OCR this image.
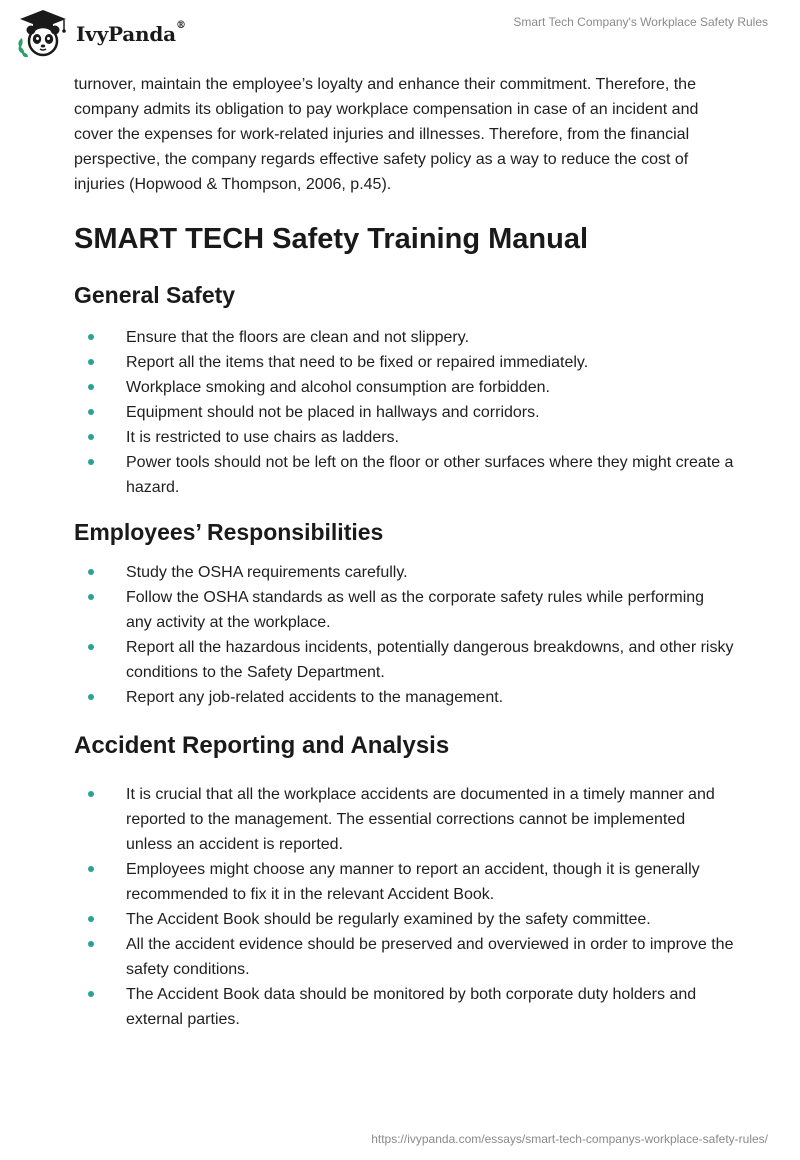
IvyPanda®	Smart Tech Company's Workplace Safety Rules

turnover, maintain the employee’s loyalty and enhance their commitment. Therefore, the company admits its obligation to pay workplace compensation in case of an incident and cover the expenses for work-related injuries and illnesses. Therefore, from the financial perspective, the company regards effective safety policy as a way to reduce the cost of injuries (Hopwood & Thompson, 2006, p.45).

SMART TECH Safety Training Manual
General Safety
Ensure that the floors are clean and not slippery.
Report all the items that need to be fixed or repaired immediately.
Workplace smoking and alcohol consumption are forbidden.
Equipment should not be placed in hallways and corridors.
It is restricted to use chairs as ladders.
Power tools should not be left on the floor or other surfaces where they might create a hazard.
Employees’ Responsibilities
Study the OSHA requirements carefully.
Follow the OSHA standards as well as the corporate safety rules while performing any activity at the workplace.
Report all the hazardous incidents, potentially dangerous breakdowns, and other risky conditions to the Safety Department.
Report any job-related accidents to the management.
Accident Reporting and Analysis
It is crucial that all the workplace accidents are documented in a timely manner and reported to the management. The essential corrections cannot be implemented unless an accident is reported.
Employees might choose any manner to report an accident, though it is generally recommended to fix it in the relevant Accident Book.
The Accident Book should be regularly examined by the safety committee.
All the accident evidence should be preserved and overviewed in order to improve the safety conditions.
The Accident Book data should be monitored by both corporate duty holders and external parties.
https://ivypanda.com/essays/smart-tech-companys-workplace-safety-rules/
